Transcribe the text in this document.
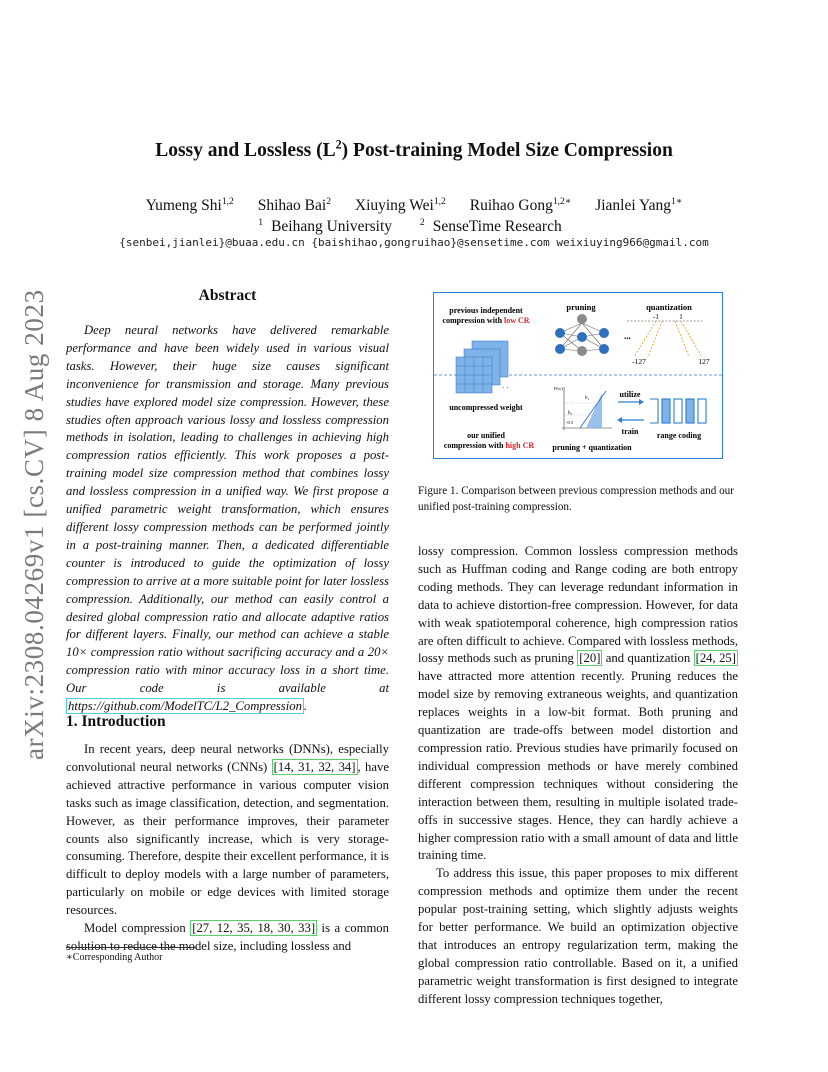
arXiv:2308.04269v1 [cs.CV] 8 Aug 2023
Lossy and Lossless $(L^2)$ Post-training Model Size Compression
Yumeng Shi$^{1,2}$ Shihao Bai$^2$ Xiuying Wei$^{1,2}$ Ruihao Gong$^{1,2∗}$ Jianlei Yang$^{1∗}$
$^1$ Beihang University	$^2$ SenseTime Research
{senbei,jianlei}@buaa.edu.cn {baishihao,gongruihao}@sensetime.com weixiuying966@gmail.com
Abstract

Deep neural networks have delivered remarkable performance and have been widely used in various visual tasks. However, their huge size causes significant inconvenience for transmission and storage. Many previous studies have explored model size compression. However, these studies often approach various lossy and lossless compression methods in isolation, leading to challenges in achieving high compression ratios efficiently. This work proposes a post-training model size compression method that combines lossy and lossless compression in a unified way. We first propose a unified parametric weight transformation, which ensures different lossy compression methods can be performed jointly in a post-training manner. Then, a dedicated differentiable counter is introduced to guide the optimization of lossy compression to arrive at a more suitable point for later lossless compression. Additionally, our method can easily control a desired global compression ratio and allocate adaptive ratios for different layers. Finally, our method can achieve a stable 10× compression ratio without sacrificing accuracy and a 20× compression ratio with minor accuracy loss in a short time. Our code is available at https://github.com/ModelTC/L2_Compression .

1. Introduction

In recent years, deep neural networks (DNNs), especially convolutional neural networks (CNNs) [14, 31, 32, 34] , have achieved attractive performance in various computer vision tasks such as image classification, detection, and segmentation. However, as their performance improves, their parameter counts also significantly increase, which is very storage-consuming. Therefore, despite their excellent performance, it is difficult to deploy models with a large number of parameters, particularly on mobile or edge devices with limited storage resources.

Model compression [27, 12, 35, 18, 30, 33] is a common solution to reduce the model size, including lossless and

∗Corresponding Author
previous independent
compression with low CR
pruning
...
quantization
-1	1
-127	127
· ·
uncompressed weight
our unified
compression with high CR
F(w)
b₁
b₂
-0.5
pruning + quantization
utilize
train range coding
Figure 1. Comparison between previous compression methods and our unified post-training compression.

lossy compression. Common lossless compression methods such as Huffman coding and Range coding are both entropy coding methods. They can leverage redundant information in data to achieve distortion-free compression. However, for data with weak spatiotemporal coherence, high compression ratios are often difficult to achieve. Compared with lossless methods, lossy methods such as pruning [20] and quantization [24, 25] have attracted more attention recently. Pruning reduces the model size by removing extraneous weights, and quantization replaces weights in a low-bit format. Both pruning and quantization are trade-offs between model distortion and compression ratio. Previous studies have primarily focused on individual compression methods or have merely combined different compression techniques without considering the interaction between them, resulting in multiple isolated trade-offs in successive stages. Hence, they can hardly achieve a higher compression ratio with a small amount of data and little training time.

To address this issue, this paper proposes to mix different compression methods and optimize them under the recent popular post-training setting, which slightly adjusts weights for better performance. We build an optimization objective that introduces an entropy regularization term, making the global compression ratio controllable. Based on it, a unified parametric weight transformation is first designed to integrate different lossy compression techniques together,
